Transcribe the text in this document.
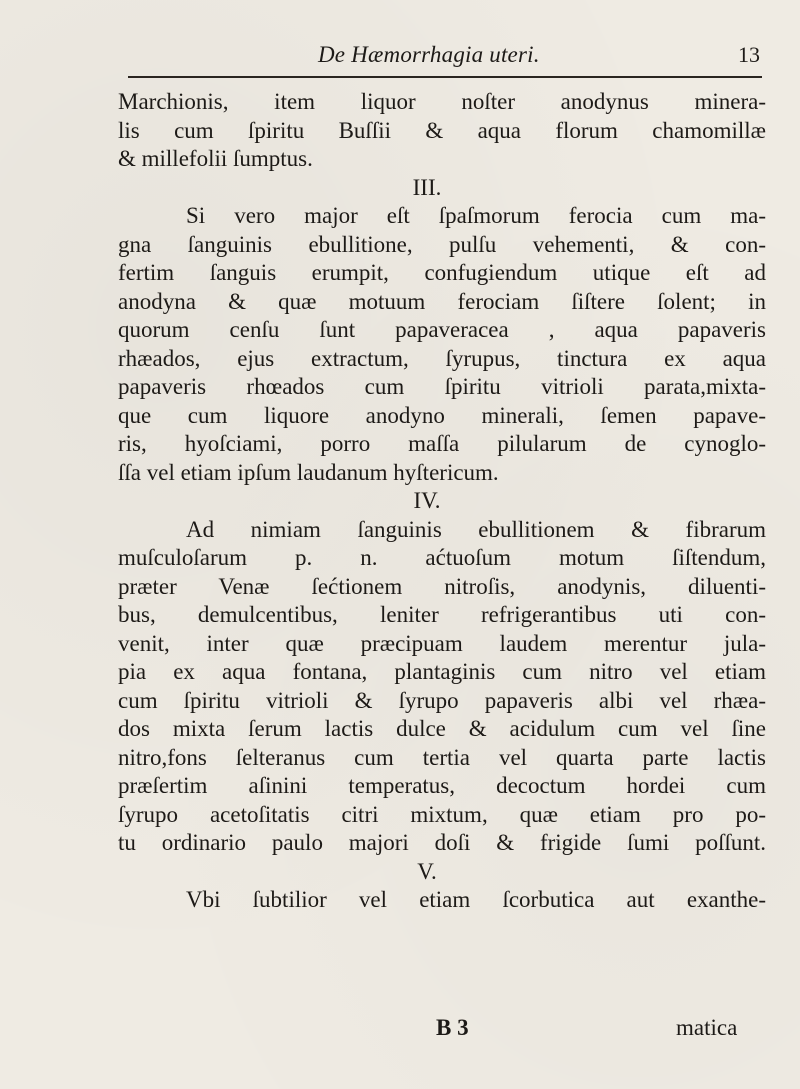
De Hæmorrhagia uteri.	13
Marchionis, item liquor noſter anodynus minera-
lis cum ſpiritu Buſſii & aqua florum chamomillæ
& millefolii ſumptus.
III.
Si vero major eſt ſpaſmorum ferocia cum ma-
gna ſanguinis ebullitione, pulſu vehementi, & con-
fertim ſanguis erumpit, confugiendum utique eſt ad
anodyna & quæ motuum ferociam ſiſtere ſolent; in
quorum cenſu ſunt papaveracea , aqua papaveris
rhæados, ejus extractum, ſyrupus, tinctura ex aqua
papaveris rhœados cum ſpiritu vitrioli parata,mixta-
que cum liquore anodyno minerali, ſemen papave-
ris, hyoſciami, porro maſſa pilularum de cynoglo-
ſſa vel etiam ipſum laudanum hyſtericum.
IV.
Ad nimiam ſanguinis ebullitionem & fibrarum
muſculoſarum p. n. aćtuoſum motum ſiſtendum,
præter Venæ ſećtionem nitroſis, anodynis, diluenti-
bus, demulcentibus, leniter refrigerantibus uti con-
venit, inter quæ præcipuam laudem merentur jula-
pia ex aqua fontana, plantaginis cum nitro vel etiam
cum ſpiritu vitrioli & ſyrupo papaveris albi vel rhæa-
dos mixta ſerum lactis dulce & acidulum cum vel ſine
nitro,fons ſelteranus cum tertia vel quarta parte lactis
præſertim aſinini temperatus, decoctum hordei cum
ſyrupo acetoſitatis citri mixtum, quæ etiam pro po-
tu ordinario paulo majori doſi & frigide ſumi poſſunt.
V.
Vbi ſubtilior vel etiam ſcorbutica aut exanthe-
B 3	matica
